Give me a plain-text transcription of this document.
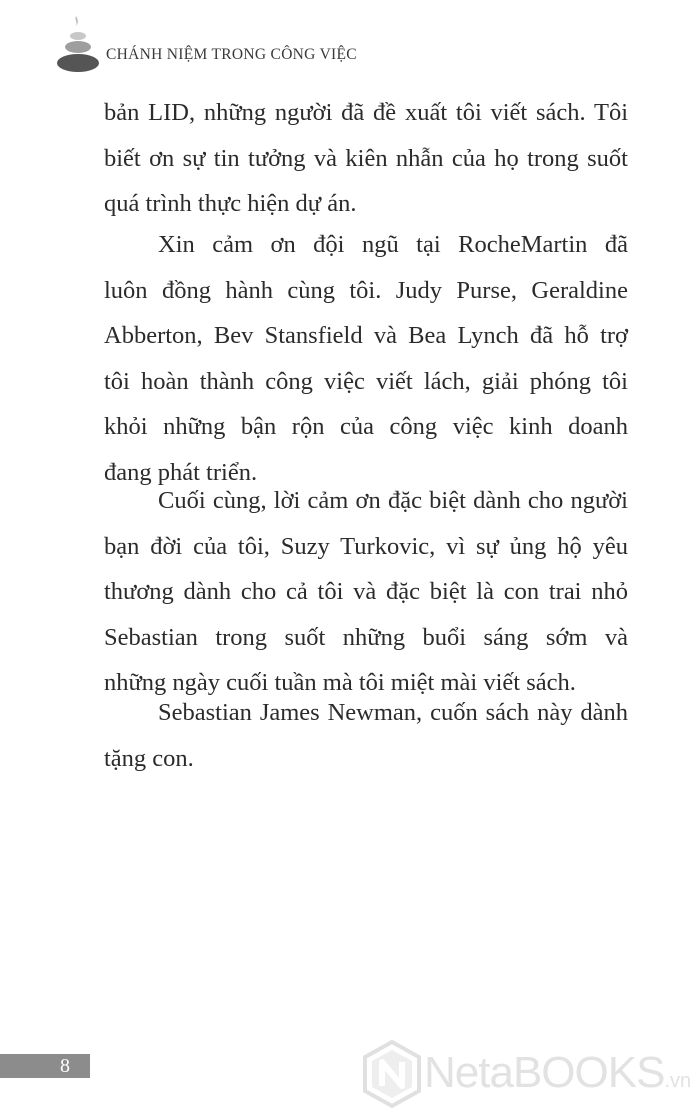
CHÁNH NIỆM TRONG CÔNG VIỆC
bản LID, những người đã đề xuất tôi viết sách. Tôi
biết ơn sự tin tưởng và kiên nhẫn của họ trong suốt
quá trình thực hiện dự án.
Xin cảm ơn đội ngũ tại RocheMartin đã
luôn đồng hành cùng tôi. Judy Purse, Geraldine
Abberton, Bev Stansfield và Bea Lynch đã hỗ trợ
tôi hoàn thành công việc viết lách, giải phóng tôi
khỏi những bận rộn của công việc kinh doanh
đang phát triển.
Cuối cùng, lời cảm ơn đặc biệt dành cho người
bạn đời của tôi, Suzy Turkovic, vì sự ủng hộ yêu
thương dành cho cả tôi và đặc biệt là con trai nhỏ
Sebastian trong suốt những buổi sáng sớm và
những ngày cuối tuần mà tôi miệt mài viết sách.
Sebastian James Newman, cuốn sách này dành
tặng con.
8	NetaBOOKS.vn
